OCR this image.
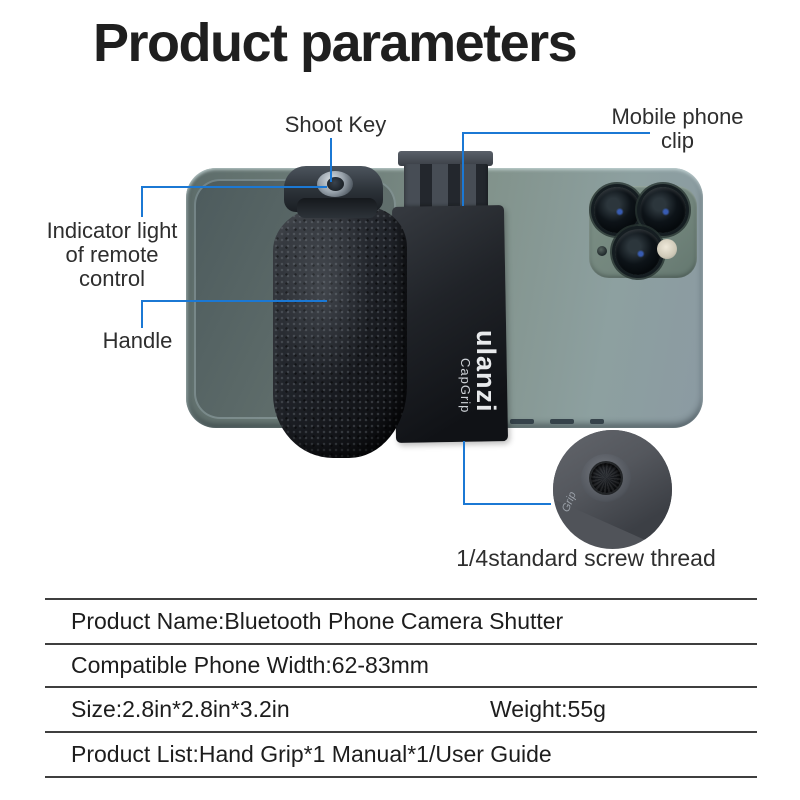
Product parameters
ulanzi
CapGrip
Grip
Shoot Key	Mobile phone
clip
Indicator light
of remote
control
Handle
1/4standard screw thread
Product Name:Bluetooth Phone Camera Shutter
Compatible Phone Width:62-83mm
Size:2.8in*2.8in*3.2in	Weight:55g
Product List:Hand Grip*1 Manual*1/User Guide
